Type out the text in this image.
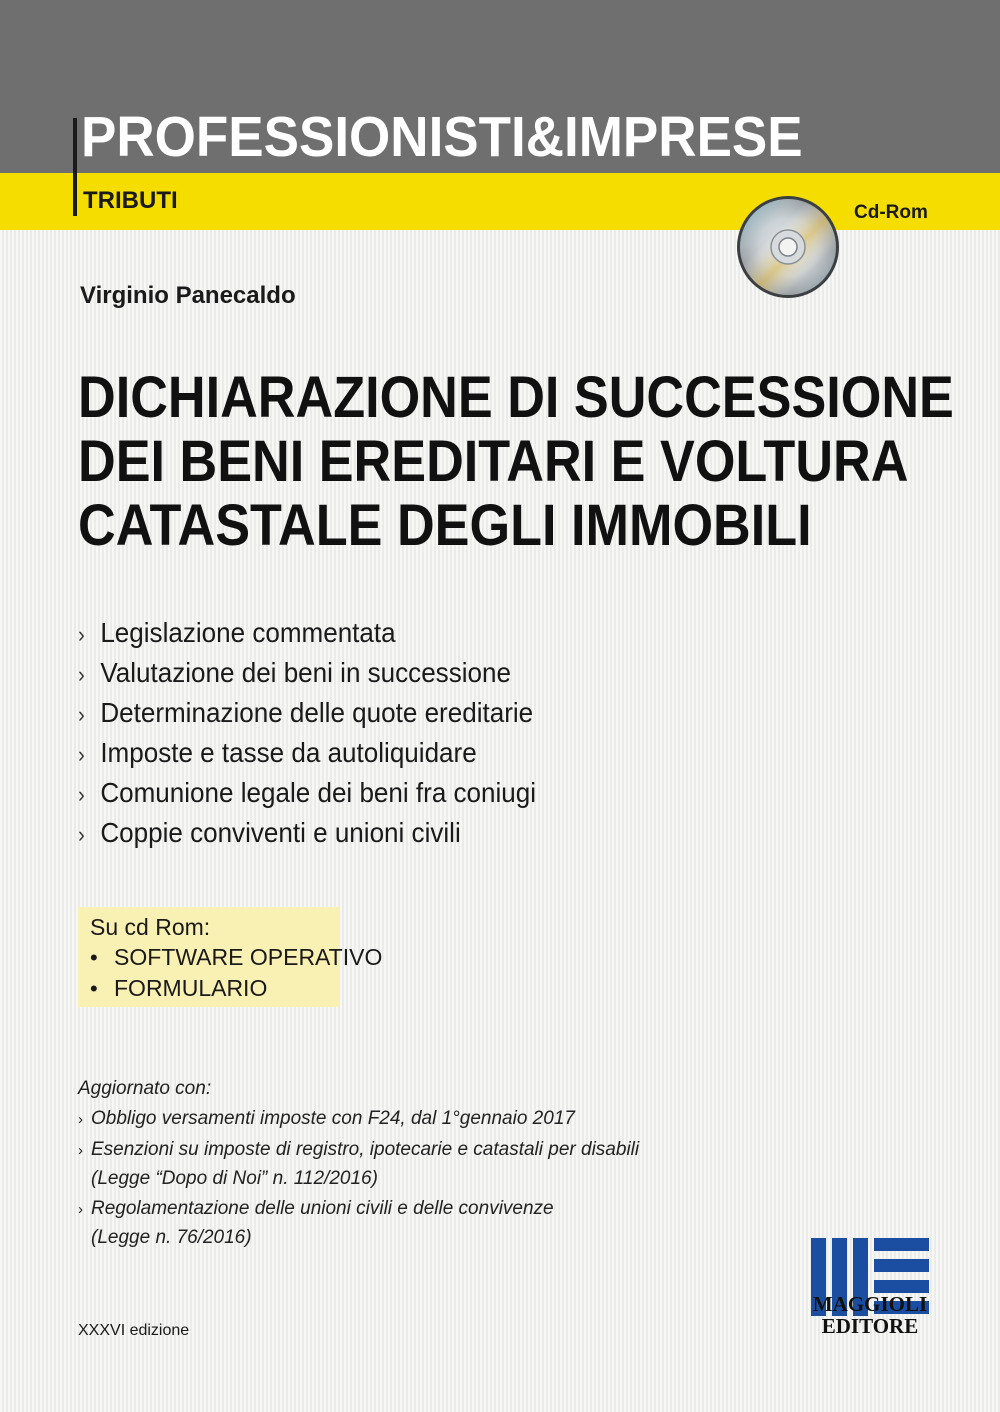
PROFESSIONISTI&IMPRESE
TRIBUTI	Cd-Rom
Virginio Panecaldo
DICHIARAZIONE DI SUCCESSIONE
DEI BENI EREDITARI E VOLTURA
CATASTALE DEGLI IMMOBILI
› Legislazione commentata
› Valutazione dei beni in successione
› Determinazione delle quote ereditarie
› Imposte e tasse da autoliquidare
› Comunione legale dei beni fra coniugi
› Coppie conviventi e unioni civili
Su cd Rom:
• SOFTWARE OPERATIVO
• FORMULARIO
Aggiornato con:
› Obbligo versamenti imposte con F24, dal 1°gennaio 2017
› Esenzioni su imposte di registro, ipotecarie e catastali per disabili
(Legge “Dopo di Noi” n. 112/2016)
› Regolamentazione delle unioni civili e delle convivenze
(Legge n. 76/2016)
XXXVI edizione
MAGGIOLI
EDITORE
